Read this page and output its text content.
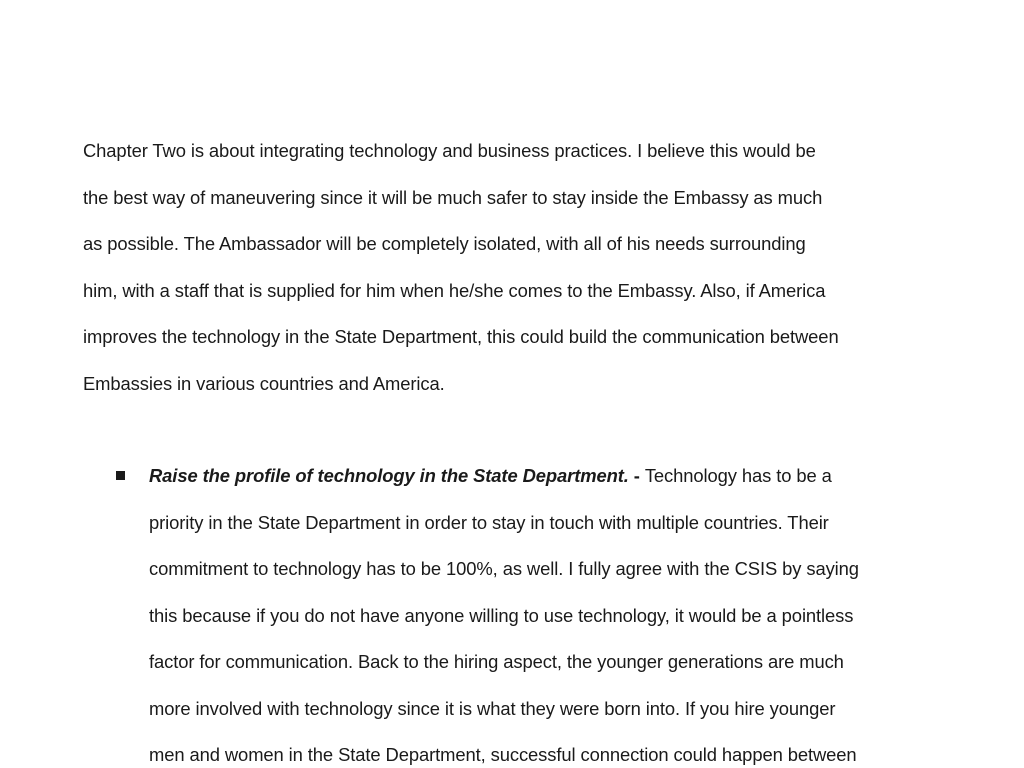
Chapter Two is about integrating technology and business practices. I believe this would be
the best way of maneuvering since it will be much safer to stay inside the Embassy as much
as possible. The Ambassador will be completely isolated, with all of his needs surrounding
him, with a staff that is supplied for him when he/she comes to the Embassy. Also, if America
improves the technology in the State Department, this could build the communication between
Embassies in various countries and America.

Raise the profile of technology in the State Department. - Technology has to be a
priority in the State Department in order to stay in touch with multiple countries. Their
commitment to technology has to be 100%, as well. I fully agree with the CSIS by saying
this because if you do not have anyone willing to use technology, it would be a pointless
factor for communication. Back to the hiring aspect, the younger generations are much
more involved with technology since it is what they were born into. If you hire younger
men and women in the State Department, successful connection could happen between
